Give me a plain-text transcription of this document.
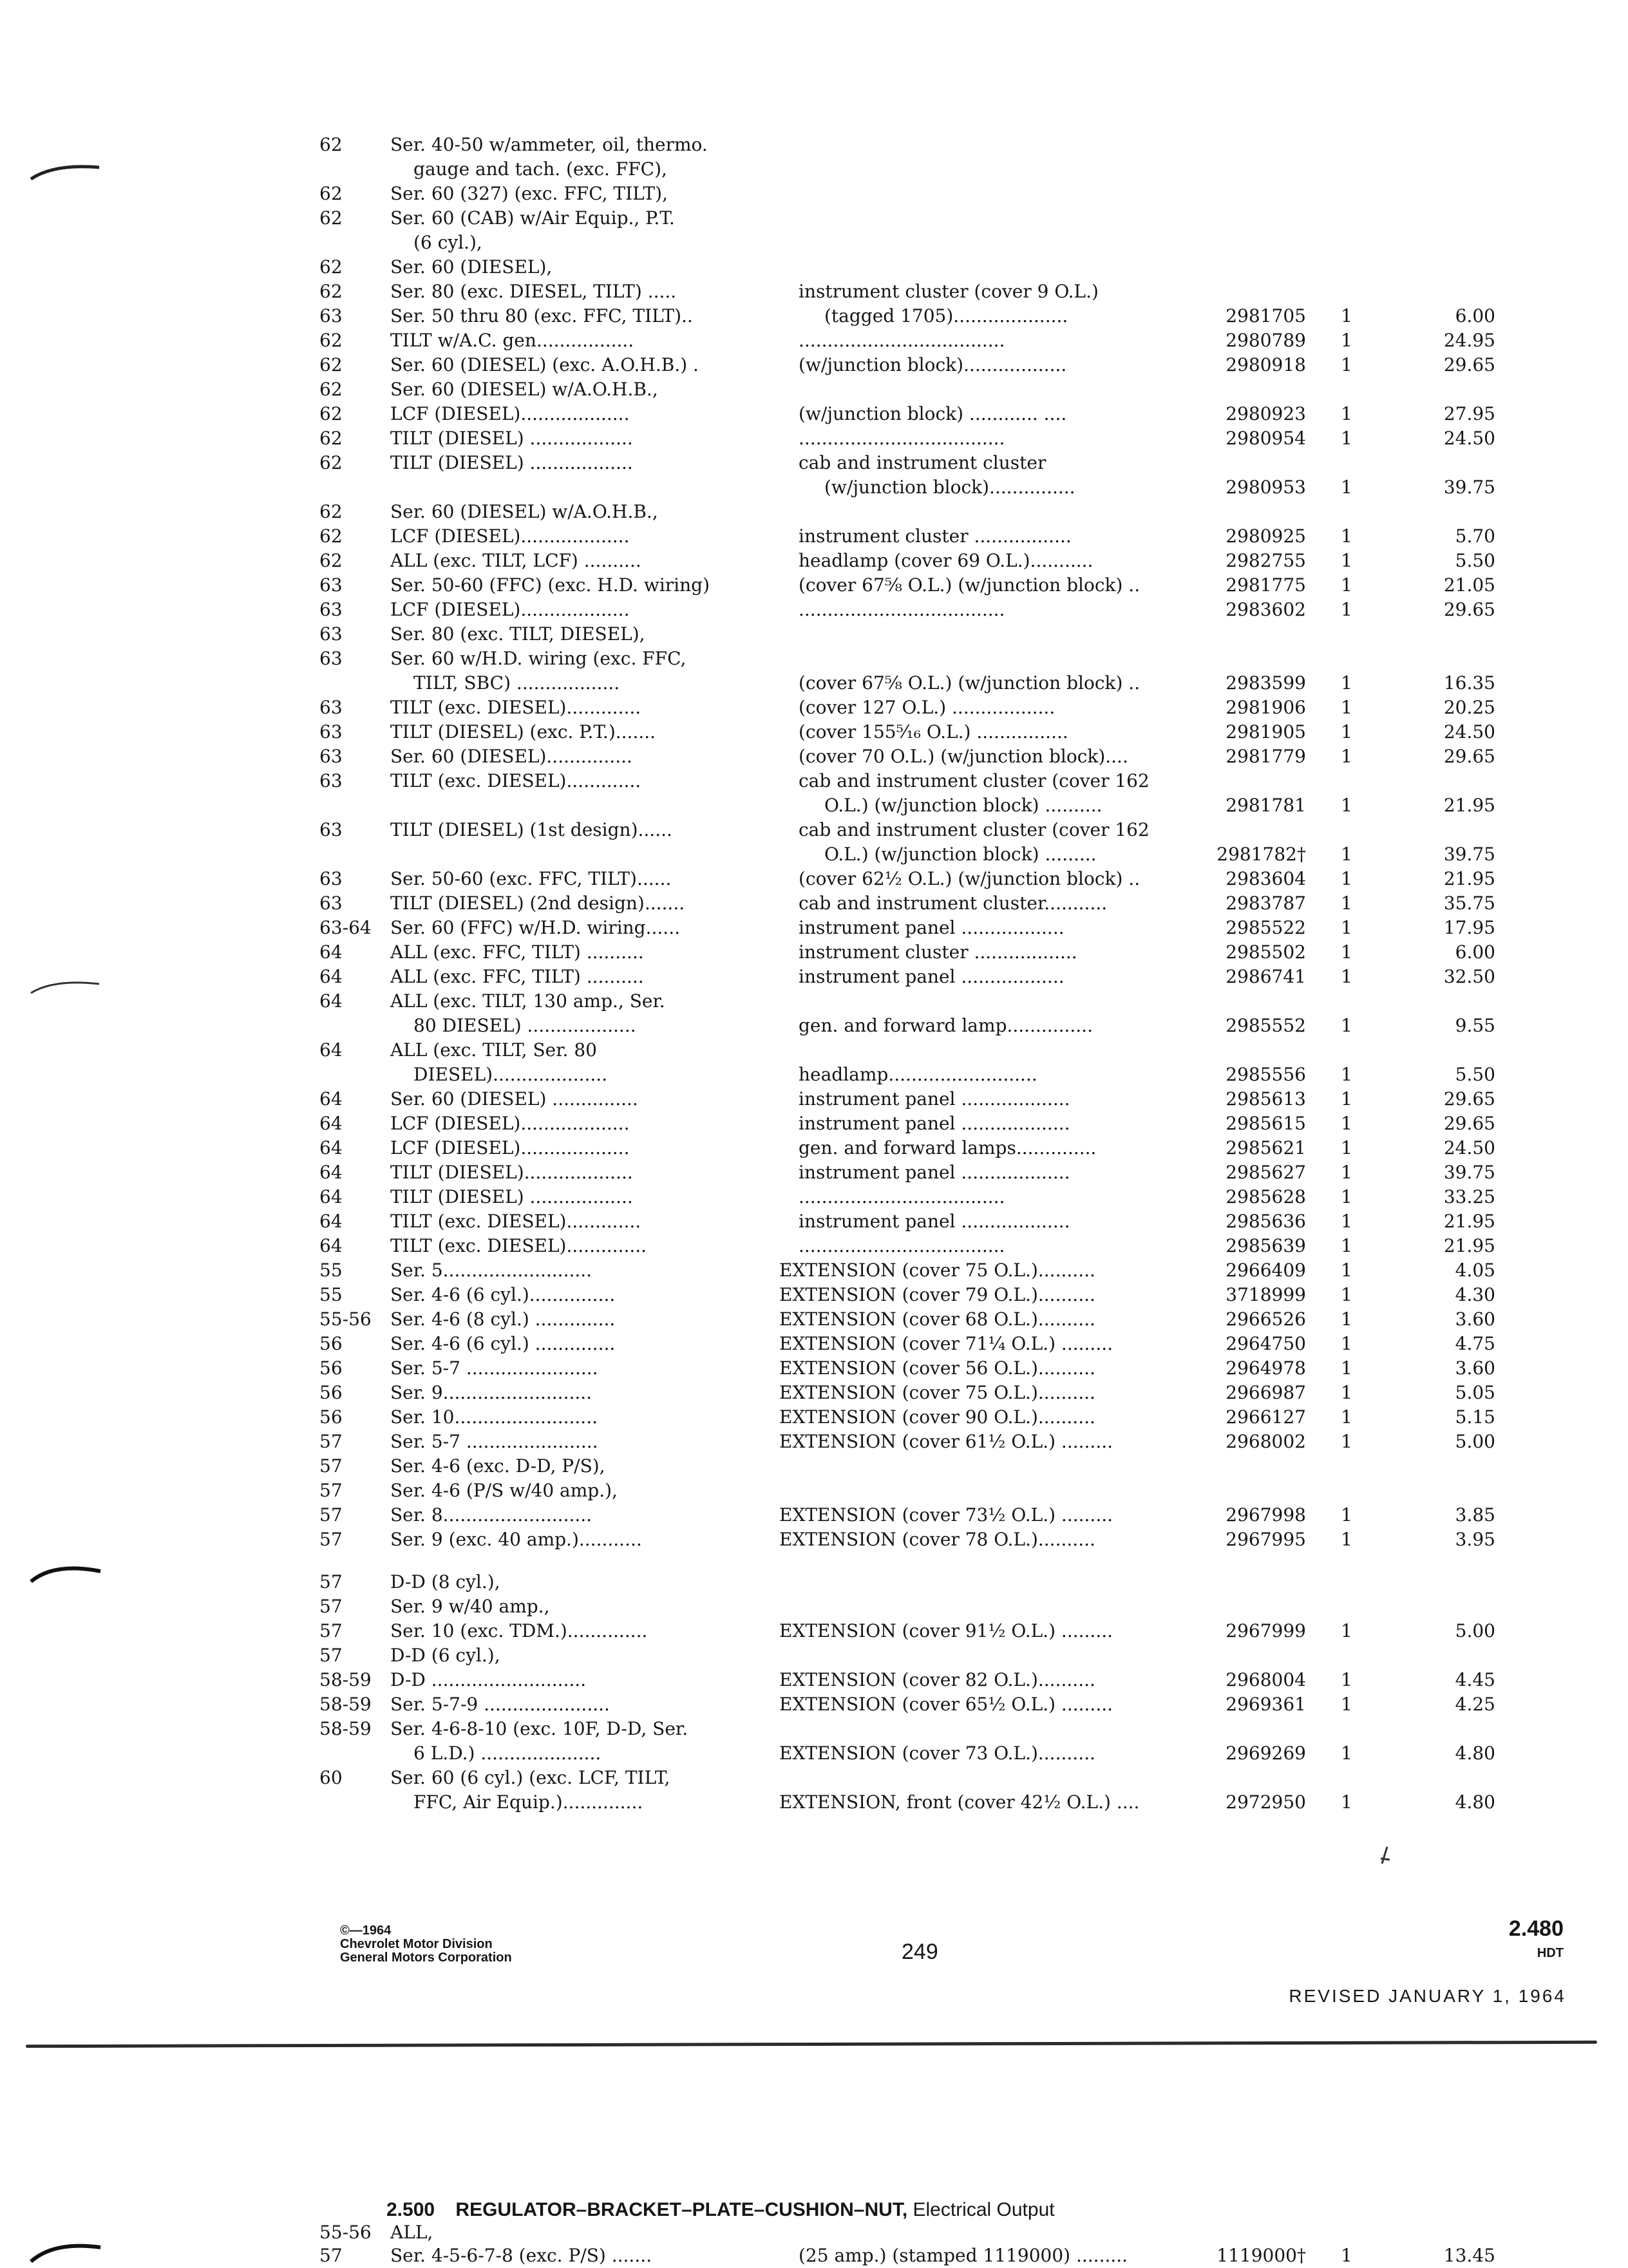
62	Ser. 40-50 w/ammeter, oil, thermo.
gauge and tach. (exc. FFC),
62	Ser. 60 (327) (exc. FFC, TILT),
62	Ser. 60 (CAB) w/Air Equip., P.T.
(6 cyl.),
62	Ser. 60 (DIESEL),
62	Ser. 80 (exc. DIESEL, TILT) .....	instrument cluster (cover 9 O.L.)
63	Ser. 50 thru 80 (exc. FFC, TILT)..	(tagged 1705)....................	2981705 1	6.00
62	TILT w/A.C. gen.................	....................................	2980789 1	24.95
62	Ser. 60 (DIESEL) (exc. A.O.H.B.) .	(w/junction block)..................	2980918 1	29.65
62	Ser. 60 (DIESEL) w/A.O.H.B.,
62	LCF (DIESEL)...................	(w/junction block) ............ ....	2980923 1	27.95
62	TILT (DIESEL) ..................	....................................	2980954 1	24.50
62	TILT (DIESEL) ..................	cab and instrument cluster
(w/junction block)...............	2980953 1	39.75
62	Ser. 60 (DIESEL) w/A.O.H.B.,
62	LCF (DIESEL)...................	instrument cluster .................	2980925 1	5.70
62	ALL (exc. TILT, LCF) ..........	headlamp (cover 69 O.L.)...........	2982755 1	5.50
63	Ser. 50-60 (FFC) (exc. H.D. wiring)	(cover 67⅝ O.L.) (w/junction block) ..	2981775 1	21.05
63	LCF (DIESEL)...................	....................................	2983602 1	29.65
63	Ser. 80 (exc. TILT, DIESEL),
63	Ser. 60 w/H.D. wiring (exc. FFC,
TILT, SBC) ..................	(cover 67⅝ O.L.) (w/junction block) ..	2983599 1	16.35
63	TILT (exc. DIESEL).............	(cover 127 O.L.) ..................	2981906 1	20.25
63	TILT (DIESEL) (exc. P.T.).......	(cover 155⁵⁄₁₆ O.L.) ................	2981905 1	24.50
63	Ser. 60 (DIESEL)...............	(cover 70 O.L.) (w/junction block)....	2981779 1	29.65
63	TILT (exc. DIESEL).............	cab and instrument cluster (cover 162
O.L.) (w/junction block) ..........	2981781 1	21.95
63	TILT (DIESEL) (1st design)......	cab and instrument cluster (cover 162
O.L.) (w/junction block) .........	2981782† 1	39.75
63	Ser. 50-60 (exc. FFC, TILT)......	(cover 62½ O.L.) (w/junction block) ..	2983604 1	21.95
63	TILT (DIESEL) (2nd design).......	cab and instrument cluster...........	2983787 1	35.75
63-64 Ser. 60 (FFC) w/H.D. wiring......	instrument panel ..................	2985522 1	17.95
64	ALL (exc. FFC, TILT) ..........	instrument cluster ..................	2985502 1	6.00
64	ALL (exc. FFC, TILT) ..........	instrument panel ..................	2986741 1	32.50
64	ALL (exc. TILT, 130 amp., Ser.
80 DIESEL) ...................	gen. and forward lamp...............	2985552 1	9.55
64	ALL (exc. TILT, Ser. 80
DIESEL)....................	headlamp..........................	2985556 1	5.50
64	Ser. 60 (DIESEL) ...............	instrument panel ...................	2985613 1	29.65
64	LCF (DIESEL)...................	instrument panel ...................	2985615 1	29.65
64	LCF (DIESEL)...................	gen. and forward lamps..............	2985621 1	24.50
64	TILT (DIESEL)...................	instrument panel ...................	2985627 1	39.75
64	TILT (DIESEL) ..................	....................................	2985628 1	33.25
64	TILT (exc. DIESEL).............	instrument panel ...................	2985636 1	21.95
64	TILT (exc. DIESEL)..............	....................................	2985639 1	21.95
55	Ser. 5..........................	EXTENSION (cover 75 O.L.)..........	2966409 1	4.05
55	Ser. 4-6 (6 cyl.)...............	EXTENSION (cover 79 O.L.)..........	3718999 1	4.30
55-56 Ser. 4-6 (8 cyl.) ..............	EXTENSION (cover 68 O.L.)..........	2966526 1	3.60
56	Ser. 4-6 (6 cyl.) ..............	EXTENSION (cover 71¼ O.L.) .........	2964750 1	4.75
56	Ser. 5-7 .......................	EXTENSION (cover 56 O.L.)..........	2964978 1	3.60
56	Ser. 9..........................	EXTENSION (cover 75 O.L.)..........	2966987 1	5.05
56	Ser. 10.........................	EXTENSION (cover 90 O.L.)..........	2966127 1	5.15
57	Ser. 5-7 .......................	EXTENSION (cover 61½ O.L.) .........	2968002 1	5.00
57	Ser. 4-6 (exc. D-D, P/S),
57	Ser. 4-6 (P/S w/40 amp.),
57	Ser. 8..........................	EXTENSION (cover 73½ O.L.) .........	2967998 1	3.85
57	Ser. 9 (exc. 40 amp.)...........	EXTENSION (cover 78 O.L.)..........	2967995 1	3.95
57	D-D (8 cyl.),
57	Ser. 9 w/40 amp.,
57	Ser. 10 (exc. TDM.)..............	EXTENSION (cover 91½ O.L.) .........	2967999 1	5.00
57	D-D (6 cyl.),
58-59 D-D ...........................	EXTENSION (cover 82 O.L.)..........	2968004 1	4.45
58-59 Ser. 5-7-9 ......................	EXTENSION (cover 65½ O.L.) .........	2969361 1	4.25
58-59 Ser. 4-6-8-10 (exc. 10F, D-D, Ser.
6 L.D.) .....................	EXTENSION (cover 73 O.L.)..........	2969269 1	4.80
60	Ser. 60 (6 cyl.) (exc. LCF, TILT,
FFC, Air Equip.)..............	EXTENSION, front (cover 42½ O.L.) ....	2972950 1	4.80
©—1964
Chevrolet Motor Division
General Motors Corporation	249
2.480
HDT
REVISED JANUARY 1, 1964
2.500 REGULATOR–BRACKET–PLATE–CUSHION–NUT, Electrical Output
55-56 ALL,
57	Ser. 4-5-6-7-8 (exc. P/S) .......	(25 amp.) (stamped 1119000) .........	1119000† 1	13.45
